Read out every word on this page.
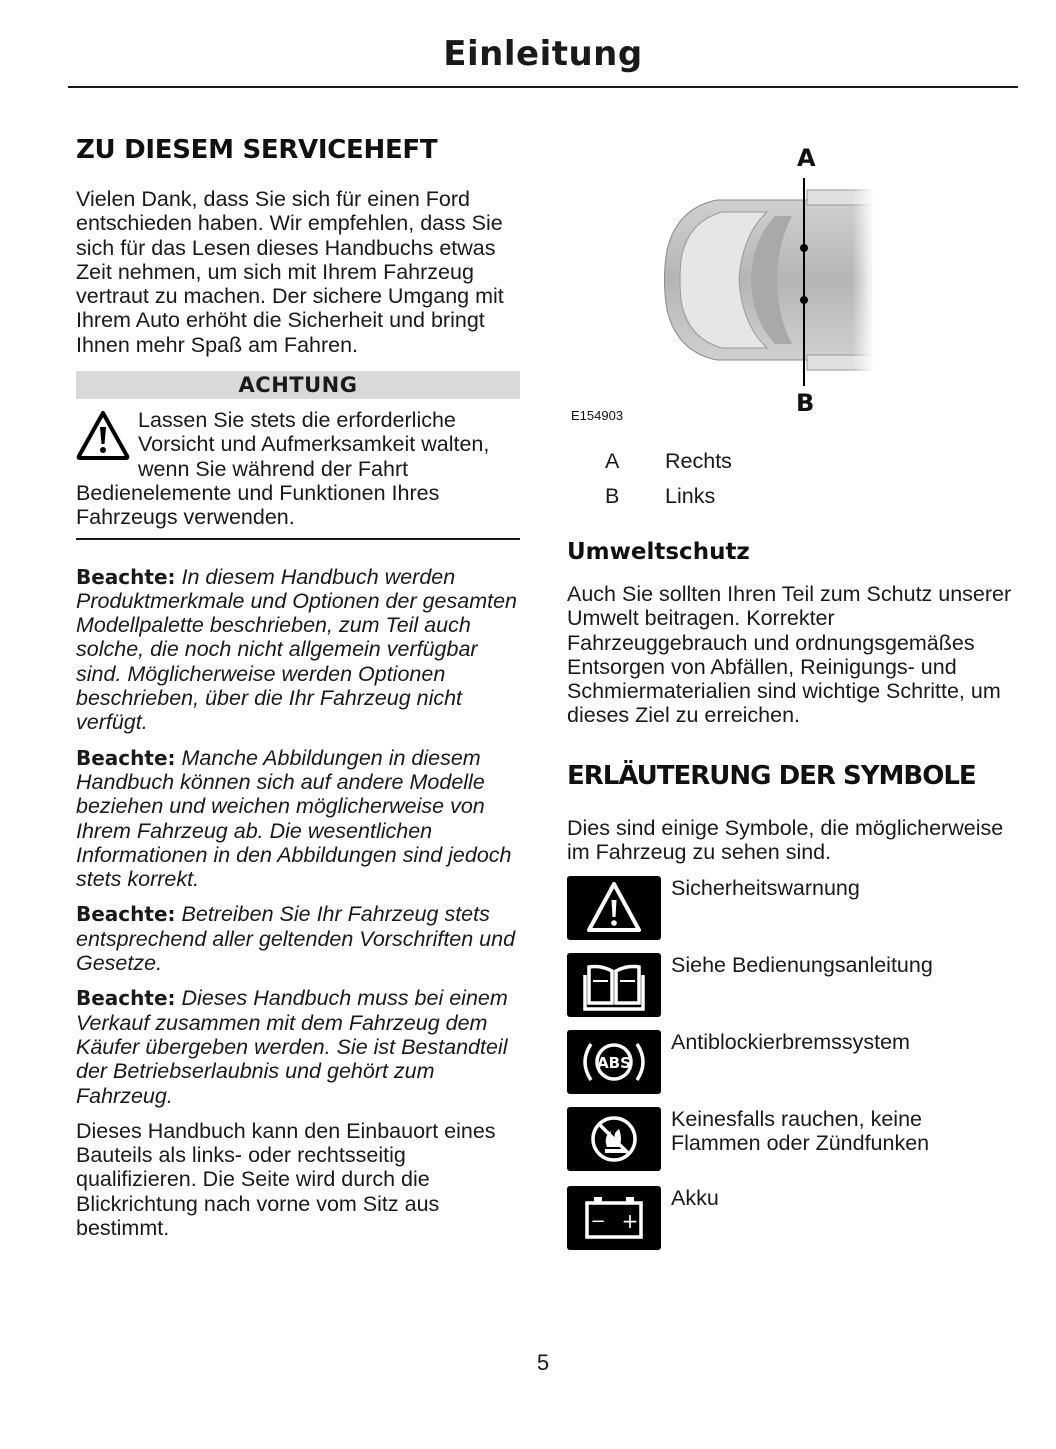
Einleitung
ZU DIESEM SERVICEHEFT

Vielen Dank, dass Sie sich für einen Ford entschieden haben. Wir empfehlen, dass Sie sich für das Lesen dieses Handbuchs etwas Zeit nehmen, um sich mit Ihrem Fahrzeug vertraut zu machen. Der sichere Umgang mit Ihrem Auto erhöht die Sicherheit und bringt Ihnen mehr Spaß am Fahren.

ACHTUNG
Lassen Sie stets die erforderliche Vorsicht und Aufmerksamkeit walten, wenn Sie während der Fahrt Bedienelemente und Funktionen Ihres Fahrzeugs verwenden.

Beachte: In diesem Handbuch werden Produktmerkmale und Optionen der gesamten Modellpalette beschrieben, zum Teil auch solche, die noch nicht allgemein verfügbar sind. Möglicherweise werden Optionen beschrieben, über die Ihr Fahrzeug nicht verfügt.

Beachte: Manche Abbildungen in diesem Handbuch können sich auf andere Modelle beziehen und weichen möglicherweise von Ihrem Fahrzeug ab. Die wesentlichen Informationen in den Abbildungen sind jedoch stets korrekt.

Beachte: Betreiben Sie Ihr Fahrzeug stets entsprechend aller geltenden Vorschriften und Gesetze.

Beachte: Dieses Handbuch muss bei einem Verkauf zusammen mit dem Fahrzeug dem Käufer übergeben werden. Sie ist Bestandteil der Betriebserlaubnis und gehört zum Fahrzeug.

Dieses Handbuch kann den Einbauort eines Bauteils als links- oder rechtsseitig qualifizieren. Die Seite wird durch die Blickrichtung nach vorne vom Sitz aus bestimmt.

A
B
E154903
A Rechts
B Links
Umweltschutz

Auch Sie sollten Ihren Teil zum Schutz unserer Umwelt beitragen. Korrekter Fahrzeuggebrauch und ordnungsgemäßes Entsorgen von Abfällen, Reinigungs- und Schmiermaterialien sind wichtige Schritte, um dieses Ziel zu erreichen.

ERLÄUTERUNG DER SYMBOLE

Dies sind einige Symbole, die möglicherweise im Fahrzeug zu sehen sind.

Sicherheitswarnung
Siehe Bedienungsanleitung
ABS
Antiblockierbremssystem
Keinesfalls rauchen, keine Flammen oder Zündfunken
− +
Akku
5
